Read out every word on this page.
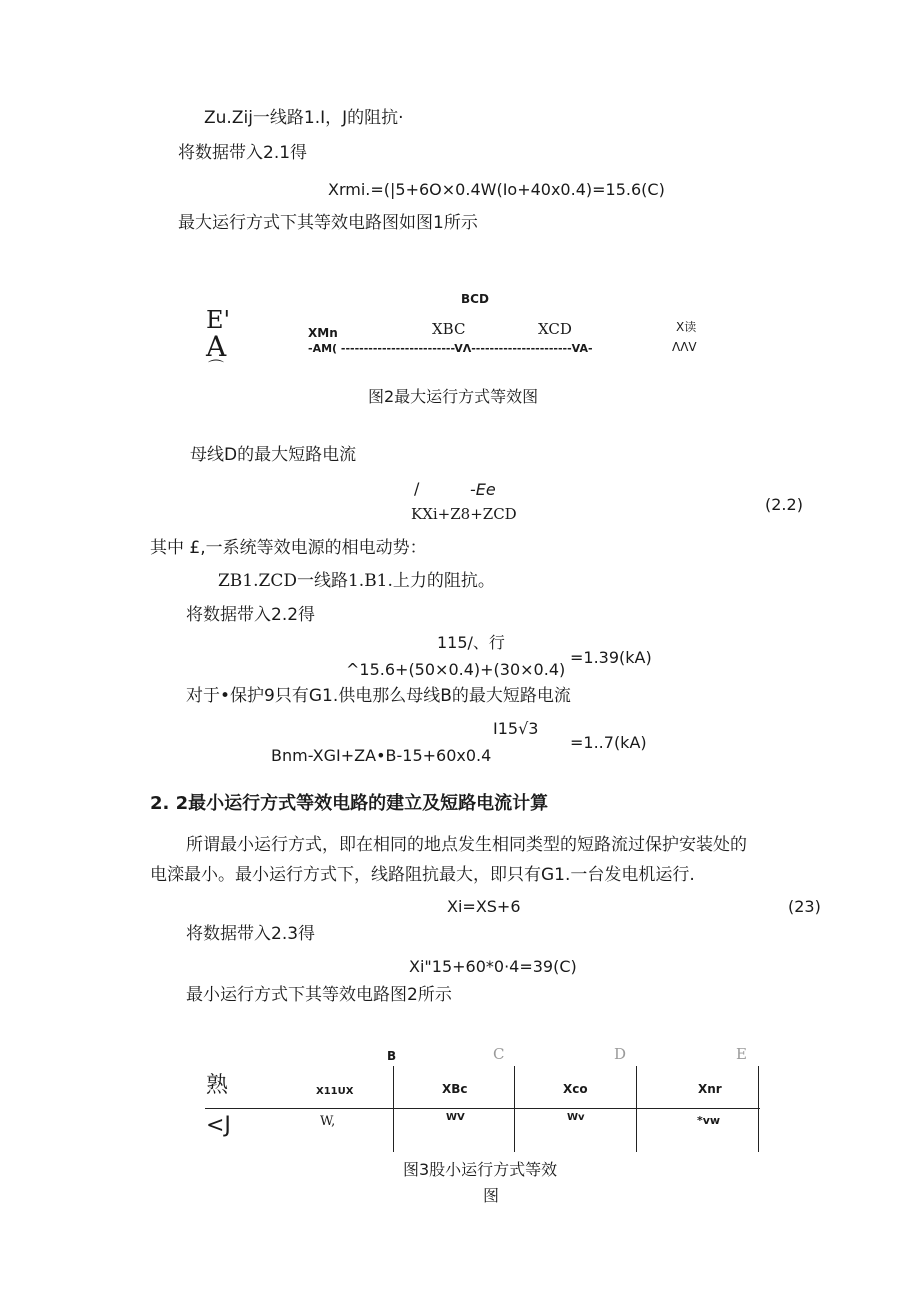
Zu.Zij一线路1.I，J的阻抗·
将数据带入2.1得
Xrmi.=(|5+6O×0.4W(Io+40x0.4)=15.6(C)
最大运行方式下其等效电路图如图1所示
BCD
E'
A
⌒
XMn	XBC	XCD	X读
-AM( -------------------------VΛ----------------------VA-	ΛΛV
图2最大运行方式等效图
母线D的最大短路电流
/	-Ee
KXi+Z8+ZCD	(2.2)
其中 £,一系统等效电源的相电动势：
ZB1.ZCD一线路1.B1.上力的阻抗。
将数据带入2.2得
115/、行
^15.6+(50×0.4)+(30×0.4)
=1.39(kA)
对于•保护9只有G1.供电那么母线B的最大短路电流
I15√3
Bnm-XGI+ZA•B-15+60x0.4
=1..7(kA)
2. 2最小运行方式等效电路的建立及短路电流计算
所谓最小运行方式，即在相同的地点发生相同类型的短路流过保护安装处的
电滦最小。最小运行方式下，线路阻抗最大，即只有G1.一台发电机运行.
Xi=XS+6	(23)
将数据带入2.3得
Xi"15+60*0·4=39(C)
最小运行方式下其等效电路图2所示
B	C	D	E
熟
<J
X11UX	XBc	Xco	Xnr
W,	WV	Wv	*vw
图3股小运行方式等效
图
